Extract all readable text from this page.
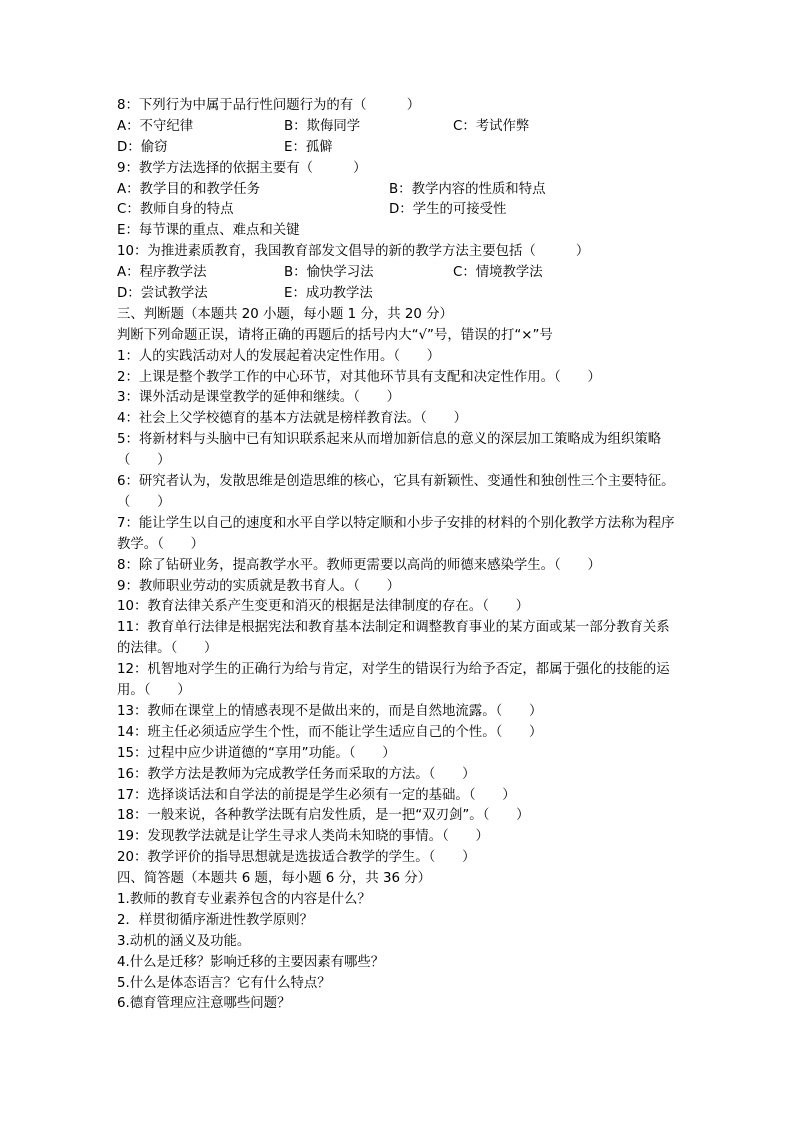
8：下列行为中属于品行性问题行为的有（　　　）
A：不守纪律	B：欺侮同学	C：考试作弊
D：偷窃	E：孤僻
9：教学方法选择的依据主要有（　　　）
A：教学目的和教学任务	B：教学内容的性质和特点
C：教师自身的特点	D：学生的可接受性
E：每节课的重点、难点和关键
10：为推进素质教育，我国教育部发文倡导的新的教学方法主要包括（　　　）
A：程序教学法	B：愉快学习法	C：情境教学法
D：尝试教学法	E：成功教学法
三、判断题（本题共 20 小题，每小题 1 分，共 20 分）
判断下列命题正误，请将正确的再题后的括号内大“√”号，错误的打“×”号
1：人的实践活动对人的发展起着决定性作用。（　　）
2：上课是整个教学工作的中心环节，对其他环节具有支配和决定性作用。（　　）
3：课外活动是课堂教学的延伸和继续。（　　）
4：社会上父学校德育的基本方法就是榜样教育法。（　　）
5：将新材料与头脑中已有知识联系起来从而增加新信息的意义的深层加工策略成为组织策略（　　）
6：研究者认为，发散思维是创造思维的核心，它具有新颖性、变通性和独创性三个主要特征。（　　）
7：能让学生以自己的速度和水平自学以特定顺和小步子安排的材料的个别化教学方法称为程序教学。（　　）
8：除了钻研业务，提高教学水平。教师更需要以高尚的师德来感染学生。（　　）
9：教师职业劳动的实质就是教书育人。（　　）
10：教育法律关系产生变更和消灭的根据是法律制度的存在。（　　）
11：教育单行法律是根据宪法和教育基本法制定和调整教育事业的某方面或某一部分教育关系的法律。（　　）
12：机智地对学生的正确行为给与肯定，对学生的错误行为给予否定，都属于强化的技能的运用。（　　）
13：教师在课堂上的情感表现不是做出来的，而是自然地流露。（　　）
14：班主任必须适应学生个性，而不能让学生适应自己的个性。（　　）
15：过程中应少讲道德的“享用”功能。（　　）
16：教学方法是教师为完成教学任务而采取的方法。（　　）
17：选择谈话法和自学法的前提是学生必须有一定的基础。（　　）
18：一般来说，各种教学法既有启发性质，是一把“双刃剑”。（　　）
19：发现教学法就是让学生寻求人类尚未知晓的事情。（　　）
20：教学评价的指导思想就是选拔适合教学的学生。（　　）
四、简答题（本题共 6 题，每小题 6 分，共 36 分）
1.教师的教育专业素养包含的内容是什么？
2．样贯彻循序渐进性教学原则？
3.动机的涵义及功能。
4.什么是迁移？影响迁移的主要因素有哪些？
5.什么是体态语言？它有什么特点？
6.德育管理应注意哪些问题？
